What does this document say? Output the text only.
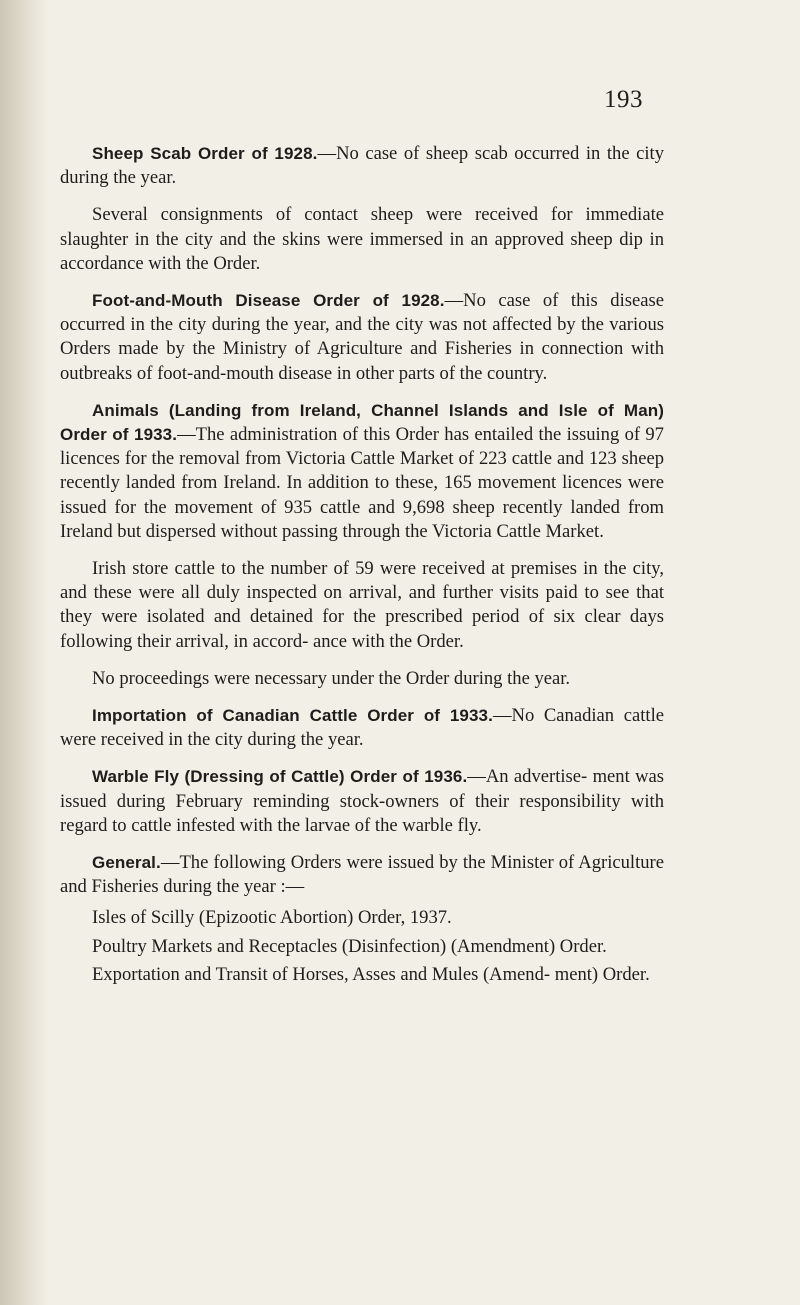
193

Sheep Scab Order of 1928.—No case of sheep scab occurred in the city during the year.

Several consignments of contact sheep were received for immediate slaughter in the city and the skins were immersed in an approved sheep dip in accordance with the Order.

Foot-and-Mouth Disease Order of 1928.—No case of this disease occurred in the city during the year, and the city was not affected by the various Orders made by the Ministry of Agriculture and Fisheries in connection with outbreaks of foot-and-mouth disease in other parts of the country.

Animals (Landing from Ireland, Channel Islands and Isle of Man) Order of 1933.—The administration of this Order has entailed the issuing of 97 licences for the removal from Victoria Cattle Market of 223 cattle and 123 sheep recently landed from Ireland. In addition to these, 165 movement licences were issued for the movement of 935 cattle and 9,698 sheep recently landed from Ireland but dispersed without passing through the Victoria Cattle Market.

Irish store cattle to the number of 59 were received at premises in the city, and these were all duly inspected on arrival, and further visits paid to see that they were isolated and detained for the prescribed period of six clear days following their arrival, in accord- ance with the Order.

No proceedings were necessary under the Order during the year.

Importation of Canadian Cattle Order of 1933.—No Canadian cattle were received in the city during the year.

Warble Fly (Dressing of Cattle) Order of 1936.—An advertise- ment was issued during February reminding stock-owners of their responsibility with regard to cattle infested with the larvae of the warble fly.

General.—The following Orders were issued by the Minister of Agriculture and Fisheries during the year :—

Isles of Scilly (Epizootic Abortion) Order, 1937.
Poultry Markets and Receptacles (Disinfection) (Amendment) Order.
Exportation and Transit of Horses, Asses and Mules (Amend- ment) Order.
